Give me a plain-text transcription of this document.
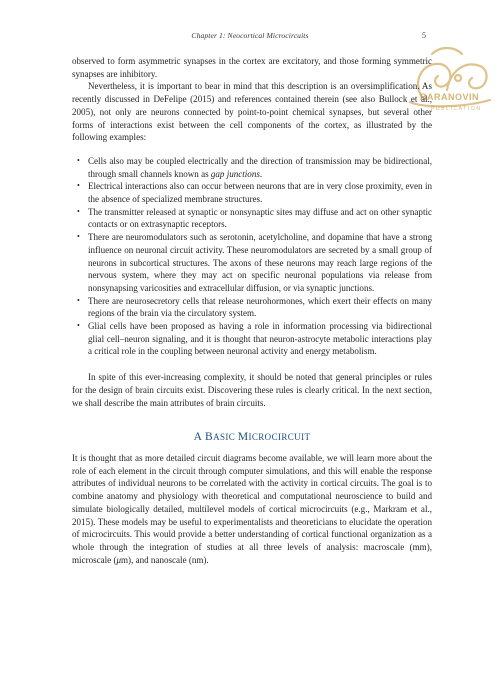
Chapter 1: Neocortical Microcircuits	5
BARANOVIN
PUBLICATION

observed to form asymmetric synapses in the cortex are excitatory, and those forming symmetric synapses are inhibitory.

Nevertheless, it is important to bear in mind that this description is an oversimplification. As recently discussed in DeFelipe (2015) and references contained therein (see also Bullock et al., 2005), not only are neurons connected by point-to-point chemical synapses, but several other forms of interactions exist between the cell components of the cortex, as illustrated by the following examples:

• Cells also may be coupled electrically and the direction of transmission may be bidirectional, through small channels known as gap junctions.
• Electrical interactions also can occur between neurons that are in very close proximity, even in the absence of specialized membrane structures.
• The transmitter released at synaptic or nonsynaptic sites may diffuse and act on other synaptic contacts or on extrasynaptic receptors.
• There are neuromodulators such as serotonin, acetylcholine, and dopamine that have a strong influence on neuronal circuit activity. These neuromodulators are secreted by a small group of neurons in subcortical structures. The axons of these neurons may reach large regions of the nervous system, where they may act on specific neuronal populations via release from nonsynapsing varicosities and extracellular diffusion, or via synaptic junctions.
• There are neurosecretory cells that release neurohormones, which exert their effects on many regions of the brain via the circulatory system.
• Glial cells have been proposed as having a role in information processing via bidirectional glial cell–neuron signaling, and it is thought that neuron-astrocyte metabolic interactions play a critical role in the coupling between neuronal activity and energy metabolism.

In spite of this ever-increasing complexity, it should be noted that general principles or rules for the design of brain circuits exist. Discovering these rules is clearly critical. In the next section, we shall describe the main attributes of brain circuits.

A BASIC MICROCIRCUIT

It is thought that as more detailed circuit diagrams become available, we will learn more about the role of each element in the circuit through computer simulations, and this will enable the response attributes of individual neurons to be correlated with the activity in cortical circuits. The goal is to combine anatomy and physiology with theoretical and computational neuroscience to build and simulate biologically detailed, multilevel models of cortical microcircuits (e.g., Markram et al., 2015). These models may be useful to experimentalists and theoreticians to elucidate the operation of microcircuits. This would provide a better understanding of cortical functional organization as a whole through the integration of studies at all three levels of analysis: macroscale (mm), microscale (μm), and nanoscale (nm).
